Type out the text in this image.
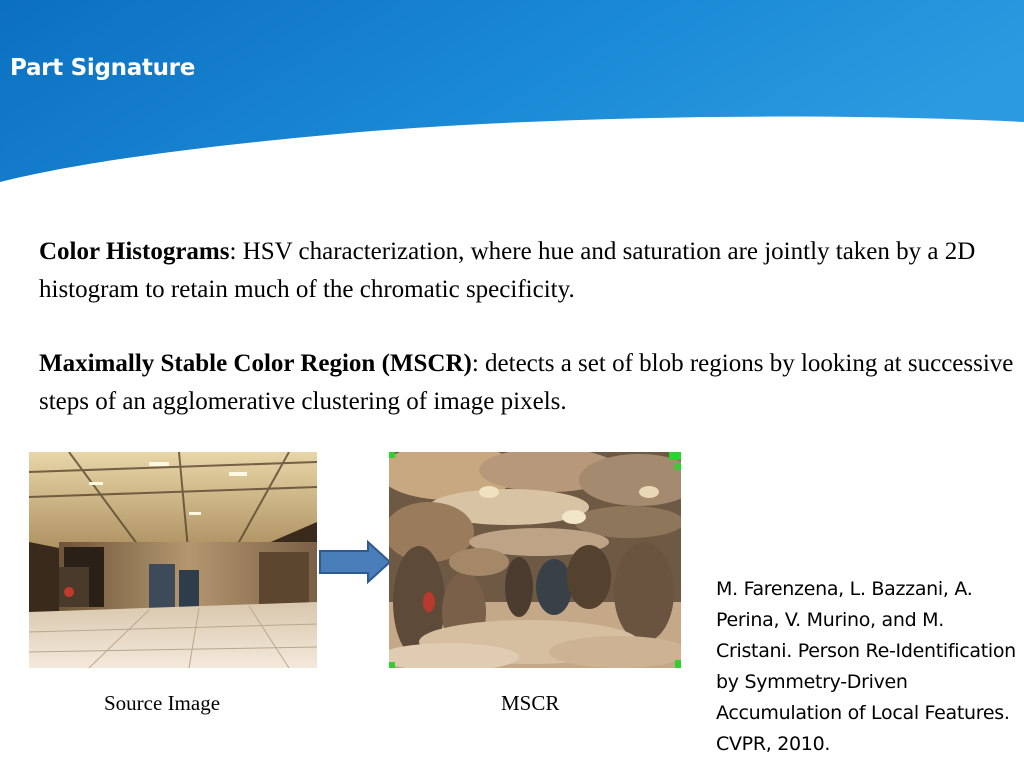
Part Signature
Color Histograms: HSV characterization, where hue and saturation are jointly taken by a 2D histogram to retain much of the chromatic specificity.
Maximally Stable Color Region (MSCR): detects a set of blob regions by looking at successive steps of an agglomerative clustering of image pixels.
Source Image	MSCR
M. Farenzena, L. Bazzani, A. Perina, V. Murino, and M. Cristani. Person Re-Identification by Symmetry-Driven Accumulation of Local Features. CVPR, 2010.
